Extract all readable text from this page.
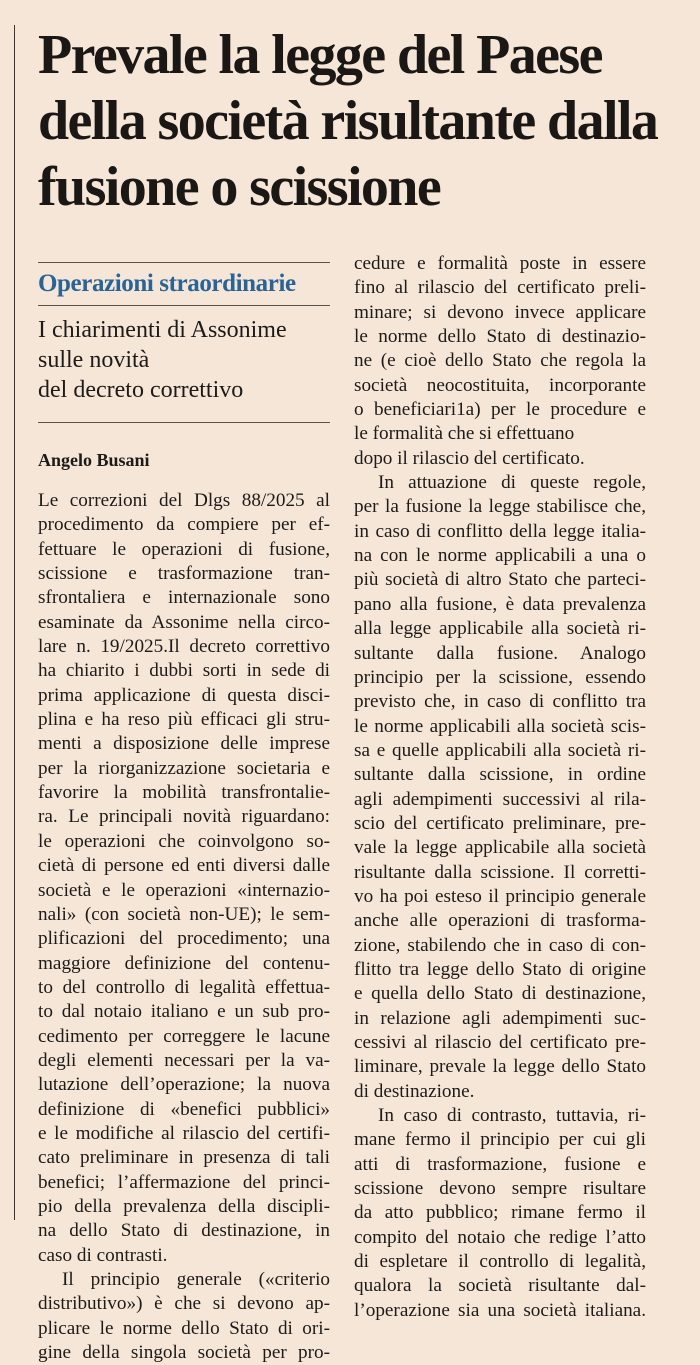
Prevale la legge del Paese della società risultante dalla fusione o scissione
Operazioni straordinarie
I chiarimenti di Assonime
sulle novità
del decreto correttivo

Angelo Busani

Le correzioni del Dlgs 88/2025 al
procedimento da compiere per ef-
fettuare le operazioni di fusione,
scissione e trasformazione tran-
sfrontaliera e internazionale sono
esaminate da Assonime nella circo-
lare n. 19/2025.Il decreto correttivo
ha chiarito i dubbi sorti in sede di
prima applicazione di questa disci-
plina e ha reso più efficaci gli stru-
menti a disposizione delle imprese
per la riorganizzazione societaria e
favorire la mobilità transfrontalie-
ra. Le principali novità riguardano:
le operazioni che coinvolgono so-
cietà di persone ed enti diversi dalle
società e le operazioni «internazio-
nali» (con società non-UE); le sem-
plificazioni del procedimento; una
maggiore definizione del contenu-
to del controllo di legalità effettua-
to dal notaio italiano e un sub pro-
cedimento per correggere le lacune
degli elementi necessari per la va-
lutazione dell’operazione; la nuova
definizione di «benefici pubblici»
e le modifiche al rilascio del certifi-
cato preliminare in presenza di tali
benefici; l’affermazione del princi-
pio della prevalenza della discipli-
na dello Stato di destinazione, in
caso di contrasti.
Il principio generale («criterio
distributivo») è che si devono ap-
plicare le norme dello Stato di ori-
gine della singola società per pro-
cedure e formalità poste in essere
fino al rilascio del certificato preli-
minare; si devono invece applicare
le norme dello Stato di destinazio-
ne (e cioè dello Stato che regola la
società neocostituita, incorporante
o beneficiari1a) per le procedure e
le formalità che si effettuano
dopo il rilascio del certificato.
In attuazione di queste regole,
per la fusione la legge stabilisce che,
in caso di conflitto della legge italia-
na con le norme applicabili a una o
più società di altro Stato che parteci-
pano alla fusione, è data prevalenza
alla legge applicabile alla società ri-
sultante dalla fusione. Analogo
principio per la scissione, essendo
previsto che, in caso di conflitto tra
le norme applicabili alla società scis-
sa e quelle applicabili alla società ri-
sultante dalla scissione, in ordine
agli adempimenti successivi al rila-
scio del certificato preliminare, pre-
vale la legge applicabile alla società
risultante dalla scissione. Il corretti-
vo ha poi esteso il principio generale
anche alle operazioni di trasforma-
zione, stabilendo che in caso di con-
flitto tra legge dello Stato di origine
e quella dello Stato di destinazione,
in relazione agli adempimenti suc-
cessivi al rilascio del certificato pre-
liminare, prevale la legge dello Stato
di destinazione.
In caso di contrasto, tuttavia, ri-
mane fermo il principio per cui gli
atti di trasformazione, fusione e
scissione devono sempre risultare
da atto pubblico; rimane fermo il
compito del notaio che redige l’atto
di espletare il controllo di legalità,
qualora la società risultante dal-
l’operazione sia una società italiana.
